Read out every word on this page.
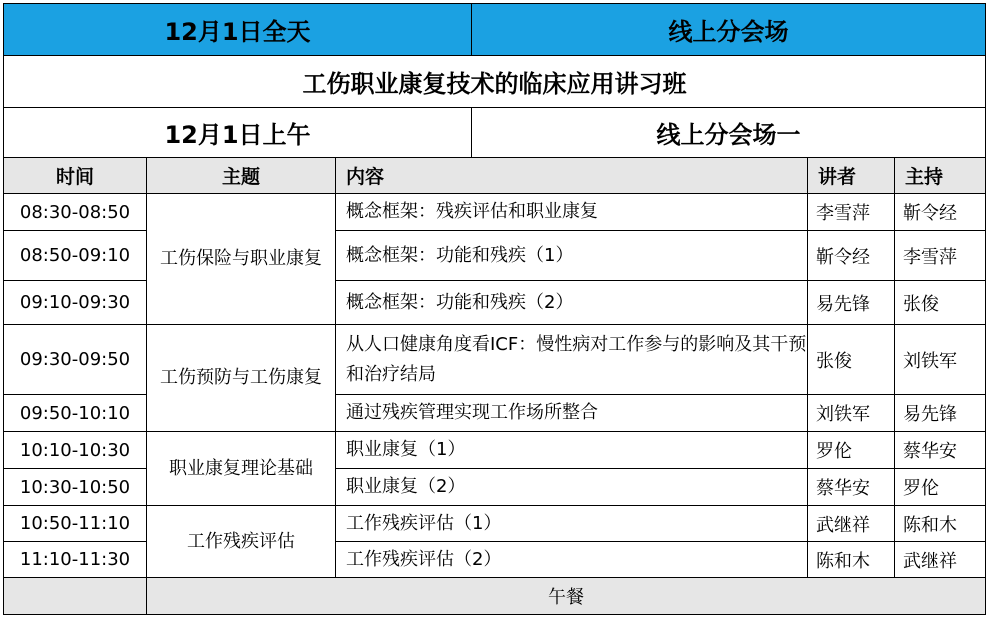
12月1日全天			线上分会场		
工伤职业康复技术的临床应用讲习班					
12月1日上午			线上分会场一		
时间	主题	内容		讲者	主持
08:30-08:50	工伤保险与职业康复	概念框架：残疾评估和职业康复		李雪萍	靳令经
08:50-09:10		概念框架：功能和残疾（1）		靳令经	李雪萍
09:10-09:30		概念框架：功能和残疾（2）		易先锋	张俊
09:30-09:50	工伤预防与工伤康复	从人口健康角度看ICF：慢性病对工作参与的影响及其干预和治疗结局		张俊	刘铁军
09:50-10:10		通过残疾管理实现工作场所整合		刘铁军	易先锋
10:10-10:30	职业康复理论基础	职业康复（1）		罗伦	蔡华安
10:30-10:50		职业康复（2）		蔡华安	罗伦
10:50-11:10	工作残疾评估	工作残疾评估（1）		武继祥	陈和木
11:10-11:30		工作残疾评估（2）		陈和木	武继祥
	午餐				
